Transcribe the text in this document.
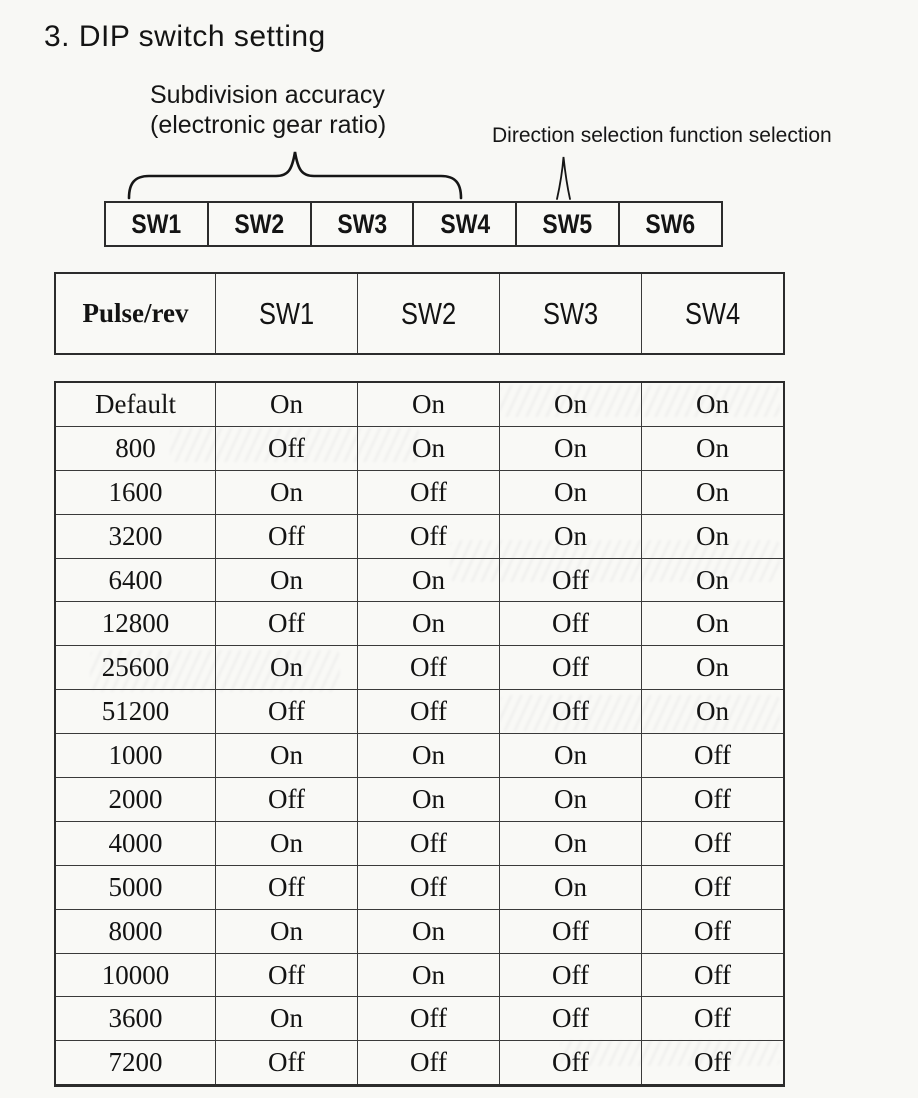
3. DIP switch setting
Subdivision accuracy
(electronic gear ratio)	Direction selection function selection
SW1 SW2 SW3 SW4 SW5 SW6
Pulse/rev	SW1	SW2	SW3	SW4
Default	On	On	On	On
800	Off	On	On	On
1600	On	Off	On	On
3200	Off	Off	On	On
6400	On	On	Off	On
12800	Off	On	Off	On
25600	On	Off	Off	On
51200	Off	Off	Off	On
1000	On	On	On	Off
2000	Off	On	On	Off
4000	On	Off	On	Off
5000	Off	Off	On	Off
8000	On	On	Off	Off
10000	Off	On	Off	Off
3600	On	Off	Off	Off
7200	Off	Off	Off	Off
